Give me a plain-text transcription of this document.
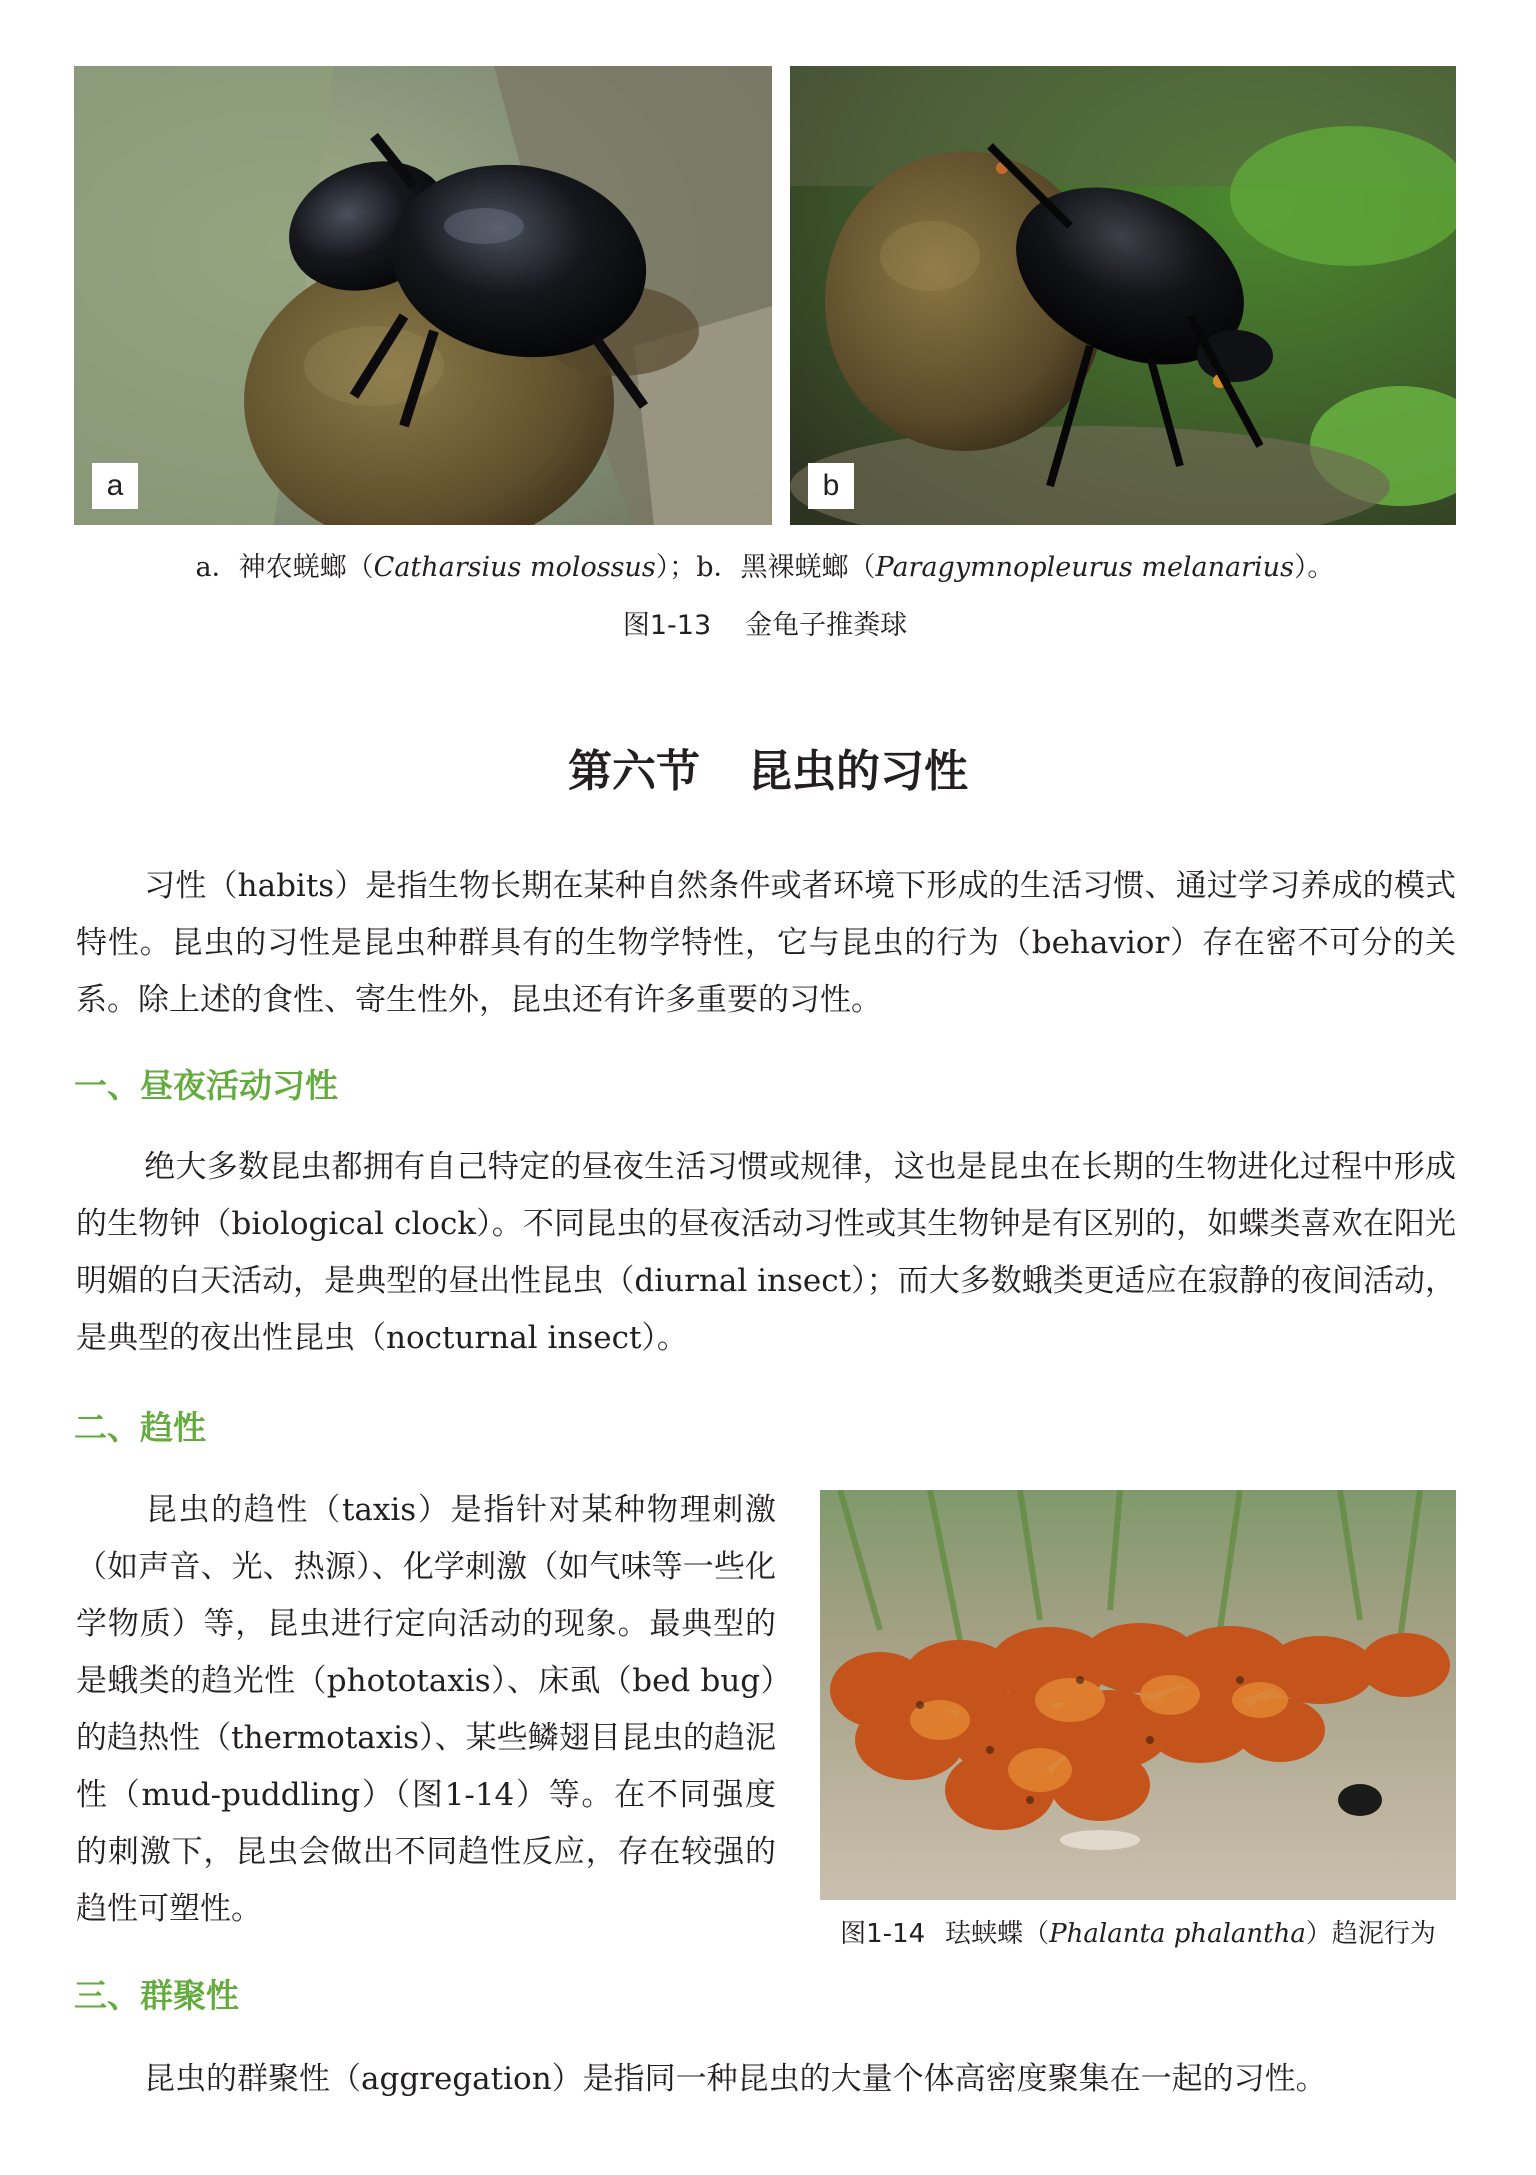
a	b
a．神农蜣螂（Catharsius molossus）；b．黑裸蜣螂（Paragymnopleurus melanarius）。
图1-13 金龟子推粪球
第六节 昆虫的习性
习性（habits）是指生物长期在某种自然条件或者环境下形成的生活习惯、通过学习养成的模式特性。昆虫的习性是昆虫种群具有的生物学特性，它与昆虫的行为（behavior）存在密不可分的关系。除上述的食性、寄生性外，昆虫还有许多重要的习性。
一、昼夜活动习性
绝大多数昆虫都拥有自己特定的昼夜生活习惯或规律，这也是昆虫在长期的生物进化过程中形成的生物钟（biological clock）。不同昆虫的昼夜活动习性或其生物钟是有区别的，如蝶类喜欢在阳光明媚的白天活动，是典型的昼出性昆虫（diurnal insect）；而大多数蛾类更适应在寂静的夜间活动，是典型的夜出性昆虫（nocturnal insect）。
二、趋性
昆虫的趋性（taxis）是指针对某种物理刺激（如声音、光、热源）、化学刺激（如气味等一些化学物质）等，昆虫进行定向活动的现象。最典型的是蛾类的趋光性（phototaxis）、床虱（bed bug）的趋热性（thermotaxis）、某些鳞翅目昆虫的趋泥性（mud-puddling）（图1-14）等。在不同强度的刺激下，昆虫会做出不同趋性反应，存在较强的趋性可塑性。
图1-14 珐蛱蝶（Phalanta phalantha）趋泥行为
三、群聚性
昆虫的群聚性（aggregation）是指同一种昆虫的大量个体高密度聚集在一起的习性。
